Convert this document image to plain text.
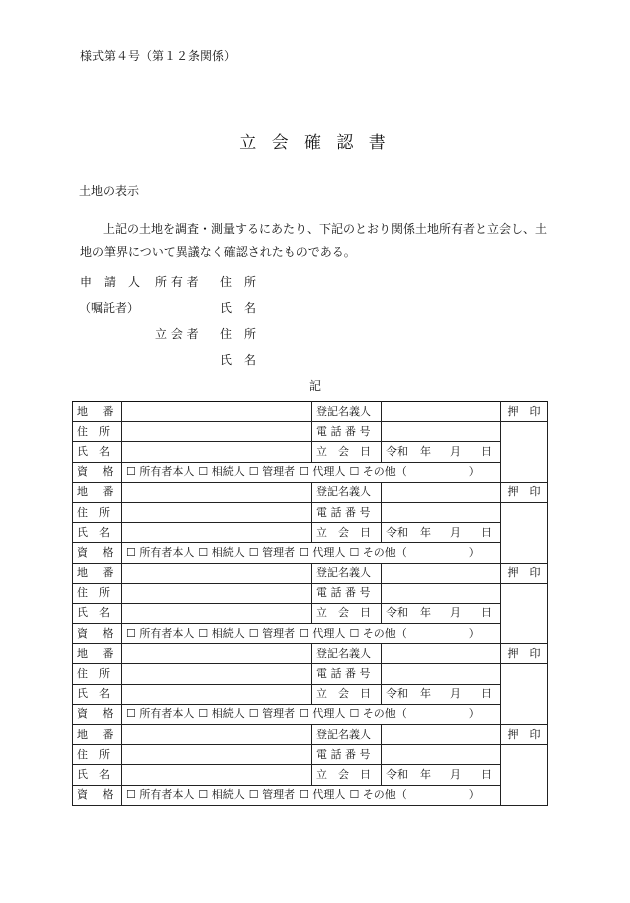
様式第４号（第１２条関係）
立 会 確 認 書
土地の表示
上記の土地を調査・測量するにあたり、下記のとおり関係土地所有者と立会し、土
地の筆界について異議なく確認されたものである。
申　請　人 所 有 者 住　所
（嘱託者）	氏　名
立 会 者 住　所
氏　名
記
地　 番		登記名義人		押　印
住　所		電 話 番 号		
氏　名		立　会　日	令和 年 月 日	
資　 格	☐ 所有者本人 ☐ 相続人 ☐ 管理者 ☐ 代理人 ☐ その他（ ）			
地　 番		登記名義人		押　印
住　所		電 話 番 号		
氏　名		立　会　日	令和 年 月 日	
資　 格	☐ 所有者本人 ☐ 相続人 ☐ 管理者 ☐ 代理人 ☐ その他（ ）			
地　 番		登記名義人		押　印
住　所		電 話 番 号		
氏　名		立　会　日	令和 年 月 日	
資　 格	☐ 所有者本人 ☐ 相続人 ☐ 管理者 ☐ 代理人 ☐ その他（ ）			
地　 番		登記名義人		押　印
住　所		電 話 番 号		
氏　名		立　会　日	令和 年 月 日	
資　 格	☐ 所有者本人 ☐ 相続人 ☐ 管理者 ☐ 代理人 ☐ その他（ ）			
地　 番		登記名義人		押　印
住　所		電 話 番 号		
氏　名		立　会　日	令和 年 月 日	
資　 格	☐ 所有者本人 ☐ 相続人 ☐ 管理者 ☐ 代理人 ☐ その他（ ）			
